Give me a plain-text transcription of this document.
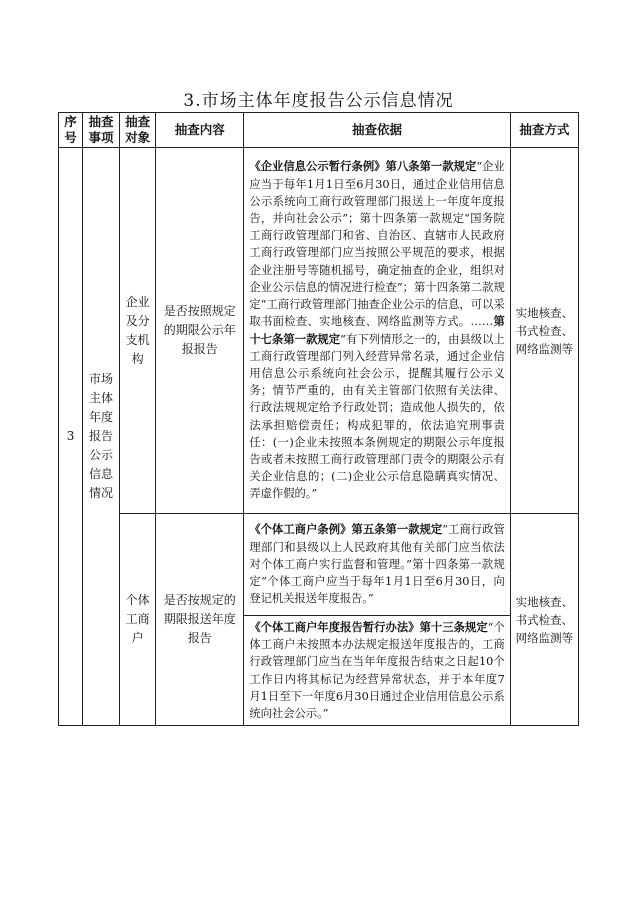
3.市场主体年度报告公示信息情况
序号	抽查事项	抽查对象	抽查内容	抽查依据	抽查方式
3	市场主体年度报告公示信息情况	企业及分支机构	是否按照规定的期限公示年报报告	《企业信息公示暂行条例》第八条第一款规定“企业应当于每年1月1日至6月30日，通过企业信用信息公示系统向工商行政管理部门报送上一年度年度报告，并向社会公示”；第十四条第一款规定“国务院工商行政管理部门和省、自治区、直辖市人民政府工商行政管理部门应当按照公平规范的要求，根据企业注册号等随机摇号，确定抽查的企业，组织对企业公示信息的情况进行检查”；第十四条第二款规定“工商行政管理部门抽查企业公示的信息，可以采取书面检查、实地核查、网络监测等方式。……第十七条第一款规定“有下列情形之一的，由县级以上工商行政管理部门列入经营异常名录，通过企业信用信息公示系统向社会公示，提醒其履行公示义务；情节严重的，由有关主管部门依照有关法律、行政法规规定给予行政处罚；造成他人损失的，依法承担赔偿责任；构成犯罪的，依法追究刑事责任：(一)企业未按照本条例规定的期限公示年度报告或者未按照工商行政管理部门责令的期限公示有关企业信息的；(二)企业公示信息隐瞒真实情况、弄虚作假的。”	实地核查、书式检查、网络监测等
		个体工商户	是否按规定的期限报送年度报告	《个体工商户条例》第五条第一款规定“工商行政管理部门和县级以上人民政府其他有关部门应当依法对个体工商户实行监督和管理。”第十四条第一款规定“个体工商户应当于每年1月1日至6月30日，向登记机关报送年度报告。”	实地核查、书式检查、网络监测等
				《个体工商户年度报告暂行办法》第十三条规定“个体工商户未按照本办法规定报送年度报告的，工商行政管理部门应当在当年年度报告结束之日起10个工作日内将其标记为经营异常状态，并于本年度7月1日至下一年度6月30日通过企业信用信息公示系统向社会公示。”	
